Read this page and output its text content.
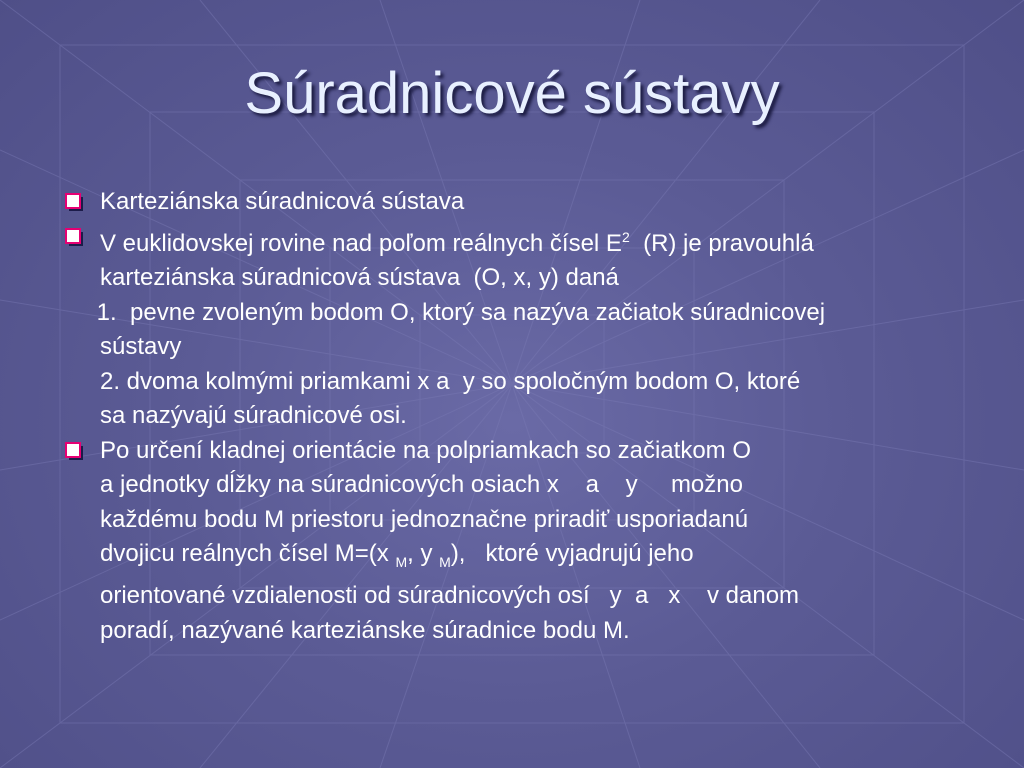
Súradnicové sústavy
Karteziánska súradnicová sústava
V euklidovskej rovine nad poľom reálnych čísel $E^2$  (R) je pravouhlá
karteziánska súradnicová sústava  (O, x, y) daná
1.  pevne zvoleným bodom O, ktorý sa nazýva začiatok súradnicovej
súst​avy
2. dvoma kolmými priamkami x a  y so spoločným bodom O, ktoré
sa nazývajú súradnicové osi.
Po určení kladnej orientácie na polpriamkach so začiatkom O
a jednotky dĺžky na súradnicových osiach x    a    y     možno
každému bodu M priestoru jednoznačne priradiť usporiadanú
dvojicu reálnych čísel M=(x $_M$, y $_M$),   ktoré vyjadrujú jeho
orientované vzdialenosti od súradnicových osí   y  a   x    v danom
poradí, nazývané karteziánske súradnice bodu M.
